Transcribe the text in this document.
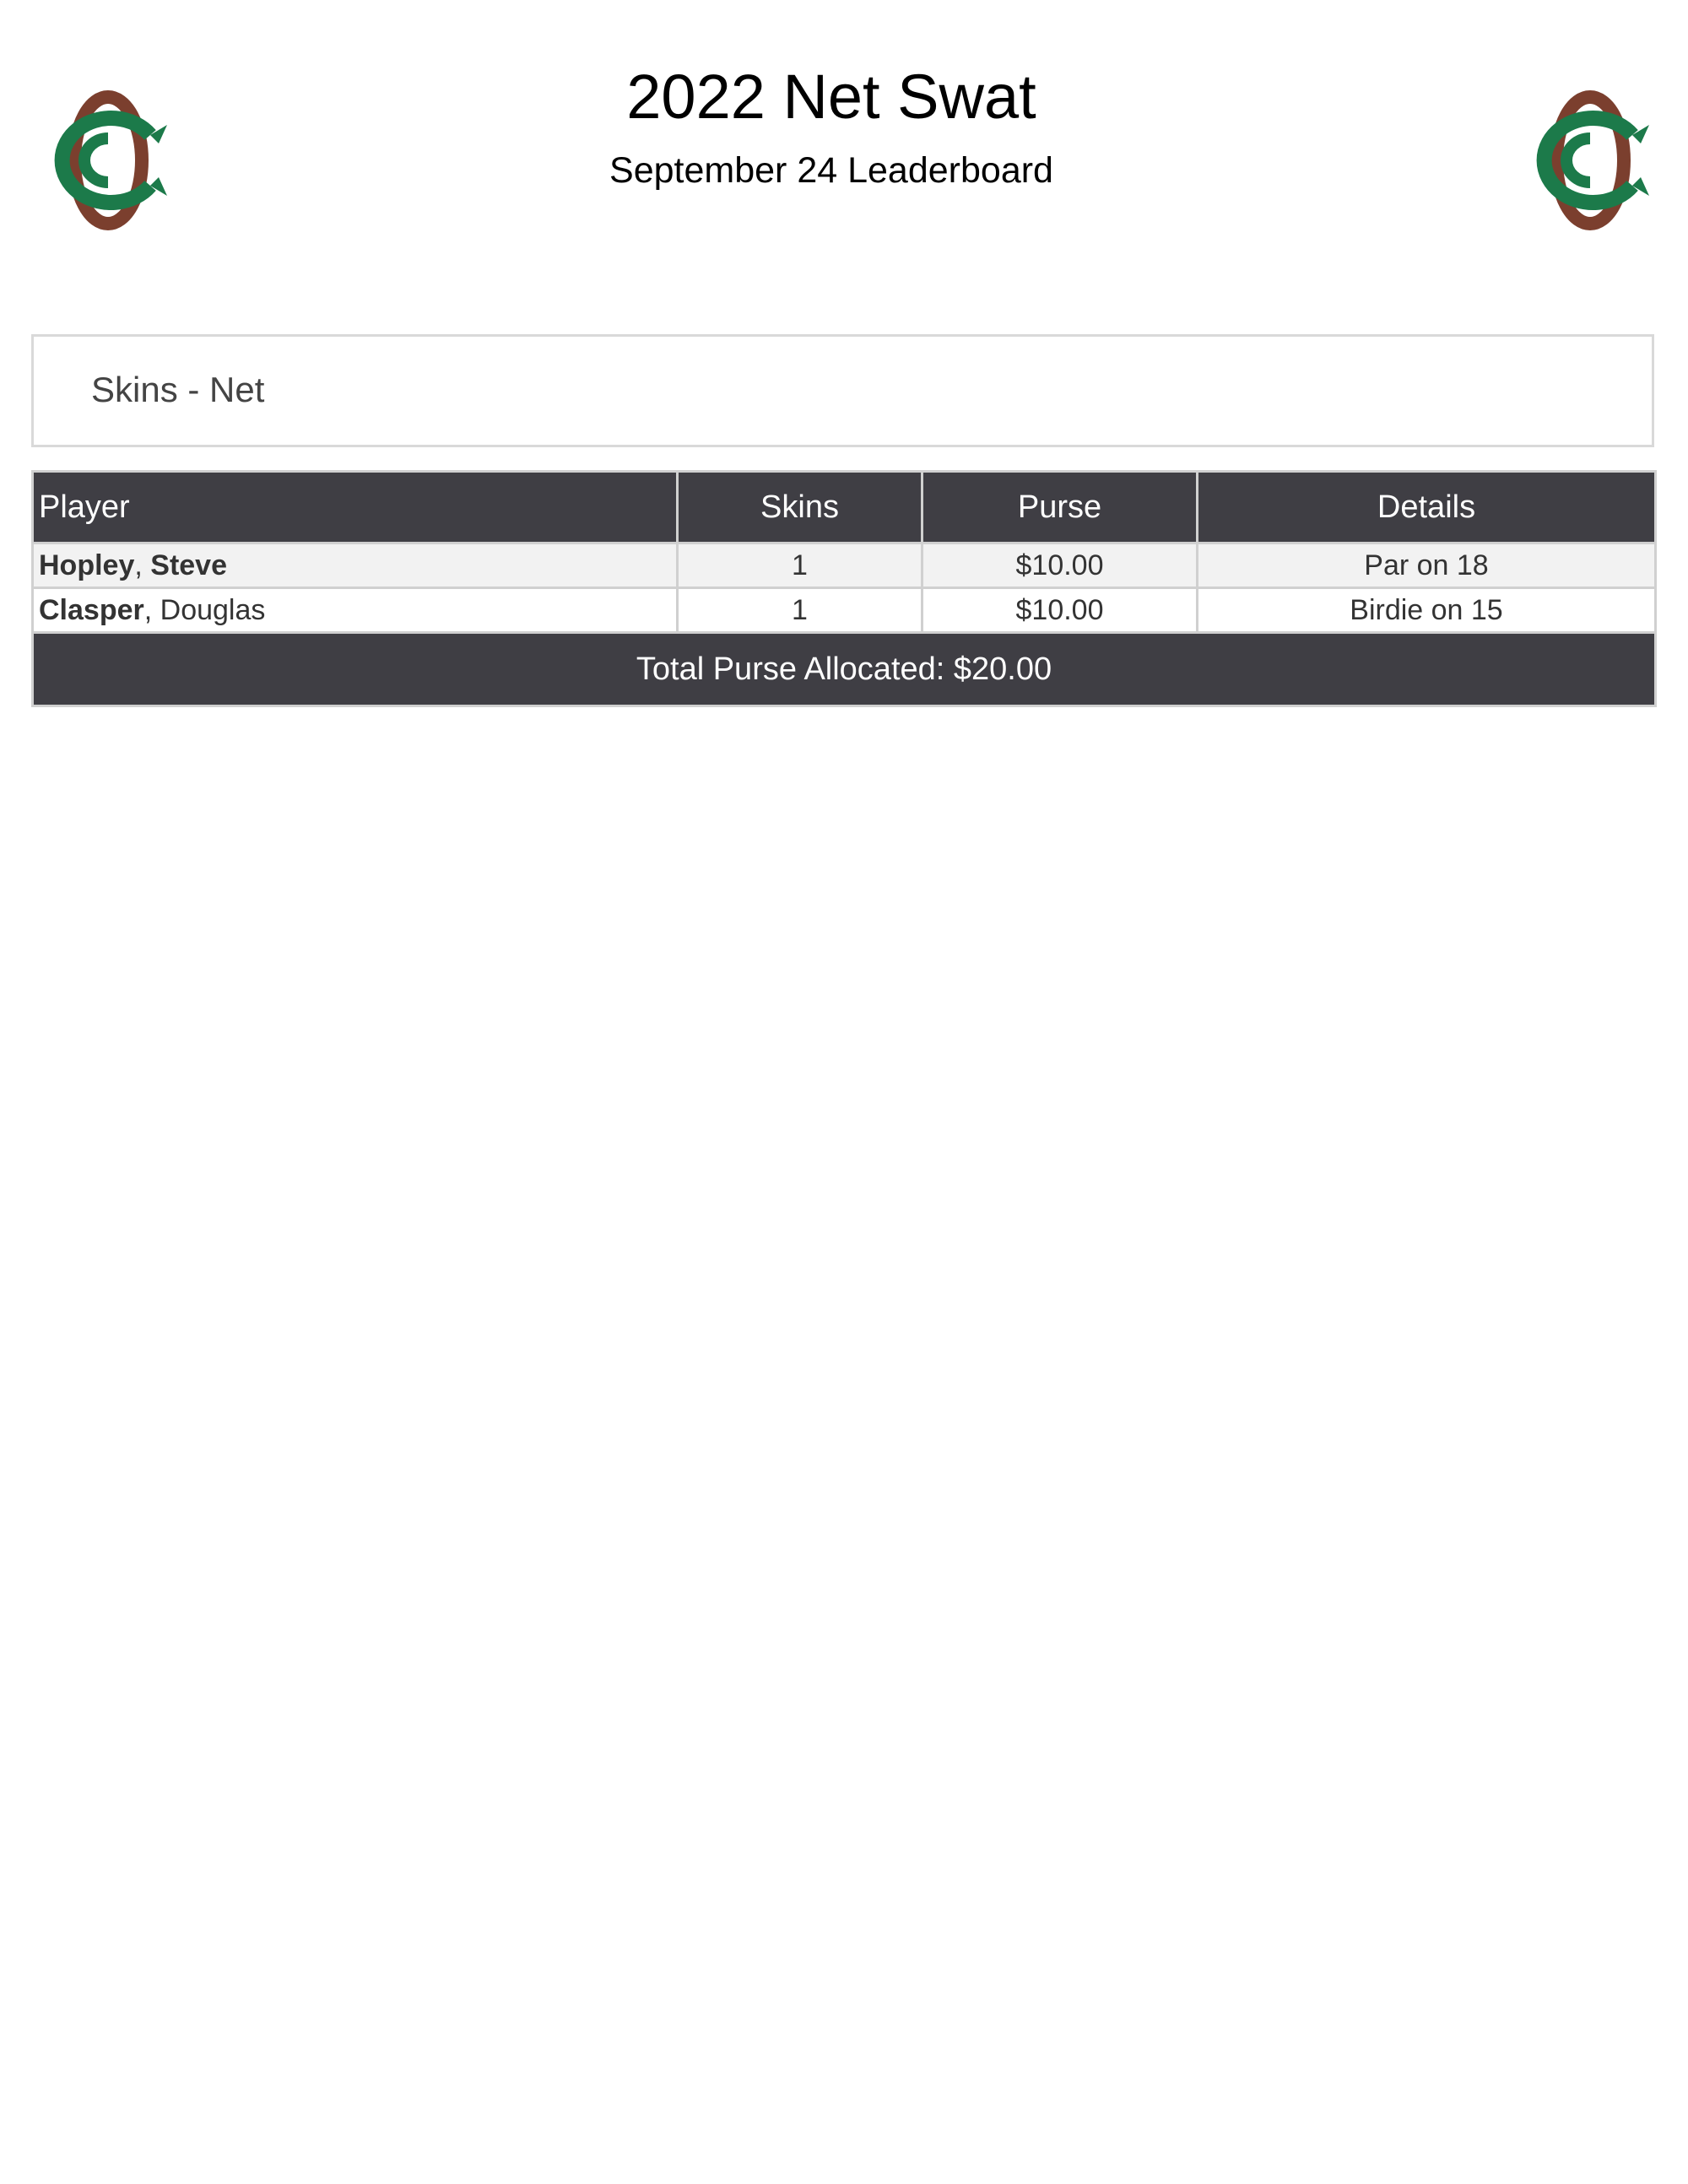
2022 Net Swat
September 24 Leaderboard
Skins - Net
Player	Skins	Purse	Details
Hopley, Steve	1	$10.00	Par on 18
Clasper, Douglas	1	$10.00	Birdie on 15
Total Purse Allocated: $20.00			
